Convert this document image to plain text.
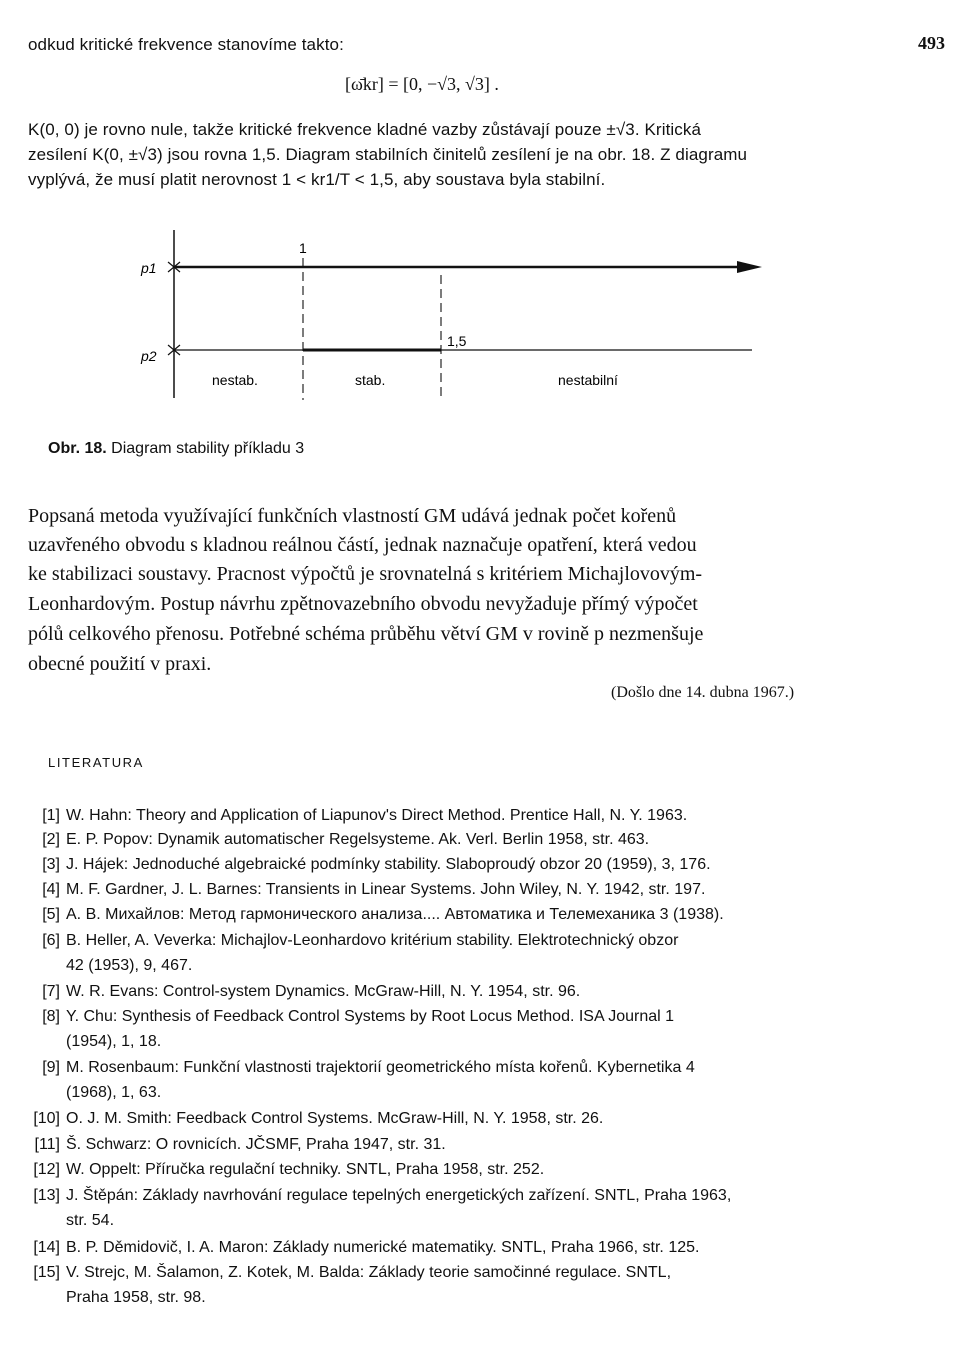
odkud kritické frekvence stanovíme takto:	493
[ω̄kr] = [0, −√3, √3] .
K(0, 0) je rovno nule, takže kritické frekvence kladné vazby zůstávají pouze ±√3. Kritická
zesílení K(0, ±√3) jsou rovna 1,5. Diagram stabilních činitelů zesílení je na obr. 18. Z diagramu
vyplývá, že musí platit nerovnost 1 < kr1/T < 1,5, aby soustava byla stabilní.
p1
p2
1
1,5
nestab.	stab.	nestabilní
Obr. 18. Diagram stability příkladu 3
Popsaná metoda využívající funkčních vlastností GM udává jednak počet kořenů
uzavřeného obvodu s kladnou reálnou částí, jednak naznačuje opatření, která vedou
ke stabilizaci soustavy. Pracnost výpočtů je srovnatelná s kritériem Michajlovovým-
Leonhardovým. Postup návrhu zpětnovazebního obvodu nevyžaduje přímý výpočet
pólů celkového přenosu. Potřebné schéma průběhu větví GM v rovině p nezmenšuje
obecné použití v praxi.
(Došlo dne 14. dubna 1967.)
LITERATURA
[1] W. Hahn: Theory and Application of Liapunov's Direct Method. Prentice Hall, N. Y. 1963.
[2] E. P. Popov: Dynamik automatischer Regelsysteme. Ak. Verl. Berlin 1958, str. 463.
[3] J. Hájek: Jednoduché algebraické podmínky stability. Slaboproudý obzor 20 (1959), 3, 176.
[4] M. F. Gardner, J. L. Barnes: Transients in Linear Systems. John Wiley, N. Y. 1942, str. 197.
[5] А. В. Михайлов: Метод гармонического анализа.... Автоматика и Телемеханика 3 (1938).
[6] B. Heller, A. Veverka: Michajlov-Leonhardovo kritérium stability. Elektrotechnický obzor
42 (1953), 9, 467.
[7] W. R. Evans: Control-system Dynamics. McGraw-Hill, N. Y. 1954, str. 96.
[8] Y. Chu: Synthesis of Feedback Control Systems by Root Locus Method. ISA Journal 1
(1954), 1, 18.
[9] M. Rosenbaum: Funkční vlastnosti trajektorií geometrického místa kořenů. Kybernetika 4
(1968), 1, 63.
[10] O. J. M. Smith: Feedback Control Systems. McGraw-Hill, N. Y. 1958, str. 26.
[11] Š. Schwarz: O rovnicích. JČSMF, Praha 1947, str. 31.
[12] W. Oppelt: Příručka regulační techniky. SNTL, Praha 1958, str. 252.
[13] J. Štěpán: Základy navrhování regulace tepelných energetických zařízení. SNTL, Praha 1963,
str. 54.
[14] B. P. Děmidovič, I. A. Maron: Základy numerické matematiky. SNTL, Praha 1966, str. 125.
[15] V. Strejc, M. Šalamon, Z. Kotek, M. Balda: Základy teorie samočinné regulace. SNTL,
Praha 1958, str. 98.
